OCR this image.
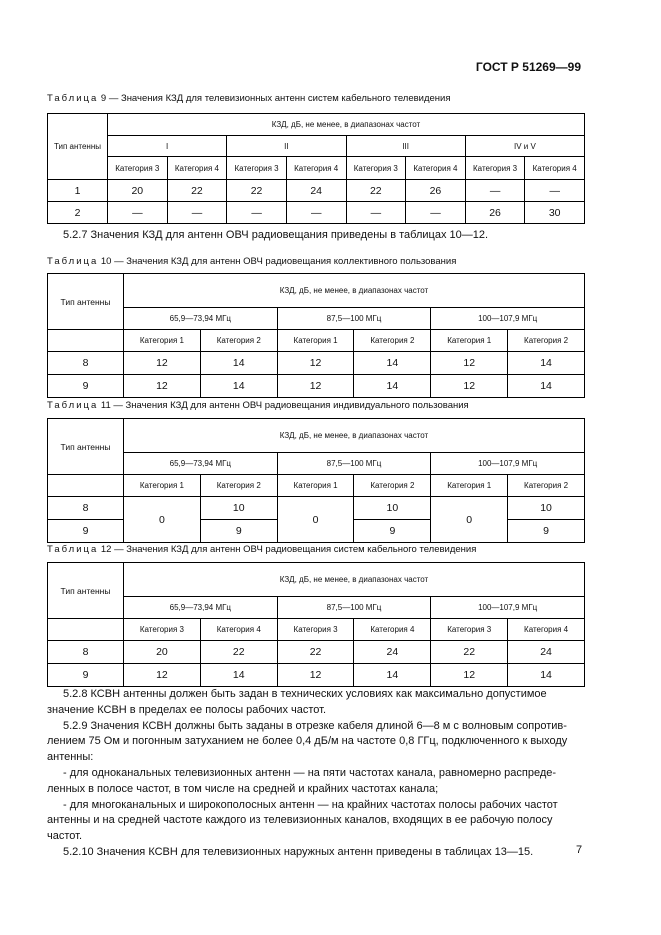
ГОСТ Р 51269—99
Таблица 9 — Значения КЗД для телевизионных антенн систем кабельного телевидения
Тип антенны	КЗД, дБ, не менее, в диапазонах частот							
	I		II		III		IV и V	
	Категория 3	Категория 4	Категория 3	Категория 4	Категория 3	Категория 4	Категория 3	Категория 4
1	20	22	22	24	22	26	—	—
2	—	—	—	—	—	—	26	30
5.2.7 Значения КЗД для антенн ОВЧ радиовещания приведены в таблицах 10—12.
Таблица 10 — Значения КЗД для антенн ОВЧ радиовещания коллективного пользования
Тип антенны	КЗД, дБ, не менее, в диапазонах частот					
	65,9—73,94 МГц		87,5—100 МГц		100—107,9 МГц	
	Категория 1	Категория 2	Категория 1	Категория 2	Категория 1	Категория 2
8	12	14	12	14	12	14
9	12	14	12	14	12	14
Таблица 11 — Значения КЗД для антенн ОВЧ радиовещания индивидуального пользования
Тип антенны	КЗД, дБ, не менее, в диапазонах частот					
	65,9—73,94 МГц		87,5—100 МГц		100—107,9 МГц	
	Категория 1	Категория 2	Категория 1	Категория 2	Категория 1	Категория 2
8	0	10	0	10	0	10
9		9		9		9
Таблица 12 — Значения КЗД для антенн ОВЧ радиовещания систем кабельного телевидения
Тип антенны	КЗД, дБ, не менее, в диапазонах частот					
	65,9—73,94 МГц		87,5—100 МГц		100—107,9 МГц	
	Категория 3	Категория 4	Категория 3	Категория 4	Категория 3	Категория 4
8	20	22	22	24	22	24
9	12	14	12	14	12	14

5.2.8 КСВН антенны должен быть задан в технических условиях как максимально допустимое

значение КСВН в пределах ее полосы рабочих частот.

5.2.9 Значения КСВН должны быть заданы в отрезке кабеля длиной 6—8 м с волновым сопротив-

лением 75 Ом и погонным затуханием не более 0,4 дБ/м на частоте 0,8 ГГц, подключенного к выходу

антенны:

- для одноканальных телевизионных антенн — на пяти частотах канала, равномерно распреде-

ленных в полосе частот, в том числе на средней и крайних частотах канала;

- для многоканальных и широкополосных антенн — на крайних частотах полосы рабочих частот

антенны и на средней частоте каждого из телевизионных каналов, входящих в ее рабочую полосу

частот.

5.2.10 Значения КСВН для телевизионных наружных антенн приведены в таблицах 13—15.	7
